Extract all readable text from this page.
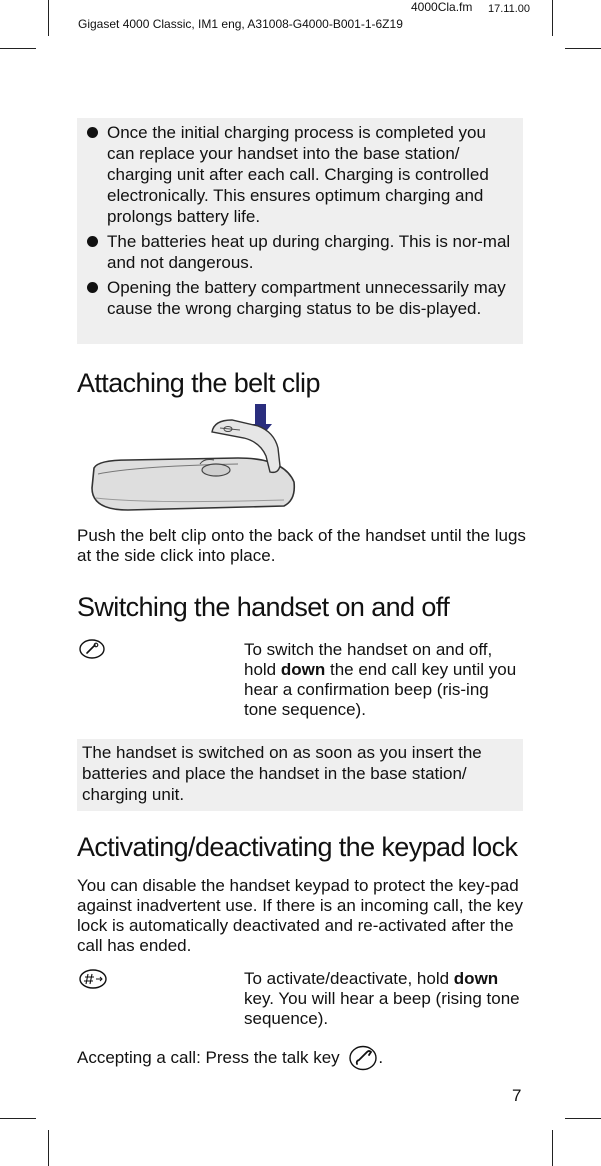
4000Cla.fm 17.11.00
Gigaset 4000 Classic, IM1 eng, A31008-G4000-B001-1-6Z19
Once the initial charging process is completed you can replace your handset into the base station/ charging unit after each call. Charging is controlled electronically. This ensures optimum charging and prolongs battery life.
The batteries heat up during charging. This is nor-mal and not dangerous.
Opening the battery compartment unnecessarily may cause the wrong charging status to be dis-played.
Attaching the belt clip
Push the belt clip onto the back of the handset until the lugs at the side click into place.
Switching the handset on and off
To switch the handset on and off, hold down the end call key until you hear a confirmation beep (ris-ing tone sequence).
The handset is switched on as soon as you insert the batteries and place the handset in the base station/ charging unit.
Activating/deactivating the keypad lock
You can disable the handset keypad to protect the key-pad against inadvertent use. If there is an incoming call, the key lock is automatically deactivated and re-activated after the call has ended.
To activate/deactivate, hold down key. You will hear a beep (rising tone sequence).
Accepting a call: Press the talk key .
7
